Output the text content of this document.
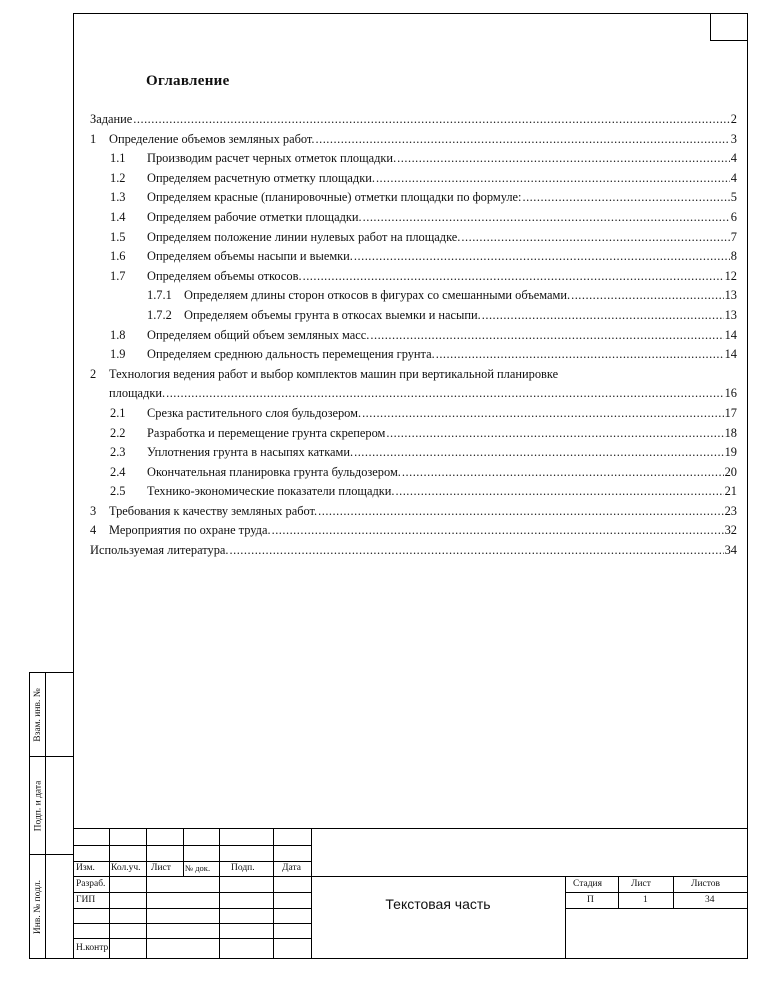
Оглавление
Задание .....	2
1	Определение объемов земляных работ. .....	3
1.1	Производим расчет черных отметок площадки. .....	4
1.2	Определяем расчетную отметку площадки. .....	4
1.3	Определяем красные (планировочные) отметки площадки по формуле: .....	5
1.4	Определяем рабочие отметки площадки. .....	6
1.5	Определяем положение линии нулевых работ на площадке. .....	7
1.6	Определяем объемы насыпи и выемки. .....	8
1.7	Определяем объемы откосов. .....	12
1.7.1 Определяем длины сторон откосов в фигурах со смешанными объемами. .....	13
1.7.2 Определяем объемы грунта в откосах выемки и насыпи. .....	13
1.8	Определяем общий объем земляных масс. .....	14
1.9	Определяем среднюю дальность перемещения грунта. .....	14
2	Технология ведения работ и выбор комплектов машин при вертикальной планировке
площадки. .....	16
2.1	Срезка растительного слоя бульдозером. .....	17
2.2	Разработка и перемещение грунта скрепером .....	18
2.3	Уплотнения грунта в насыпях катками. .....	19
2.4	Окончательная планировка грунта бульдозером. .....	20
2.5	Технико-экономические показатели площадки. .....	21
3	Требования к качеству земляных работ. .....	23
4	Мероприятия по охране труда. .....	32
Используемая литература. .....	34
Взам. инв. №
Подп. и дата
Инв. № подл.
Изм. Кол.уч. Лист № док. Подп.	Дата
Разраб.
ГИП
Н.контр.
Текстовая часть
Стадия	Лист	Листов
П	1	34
